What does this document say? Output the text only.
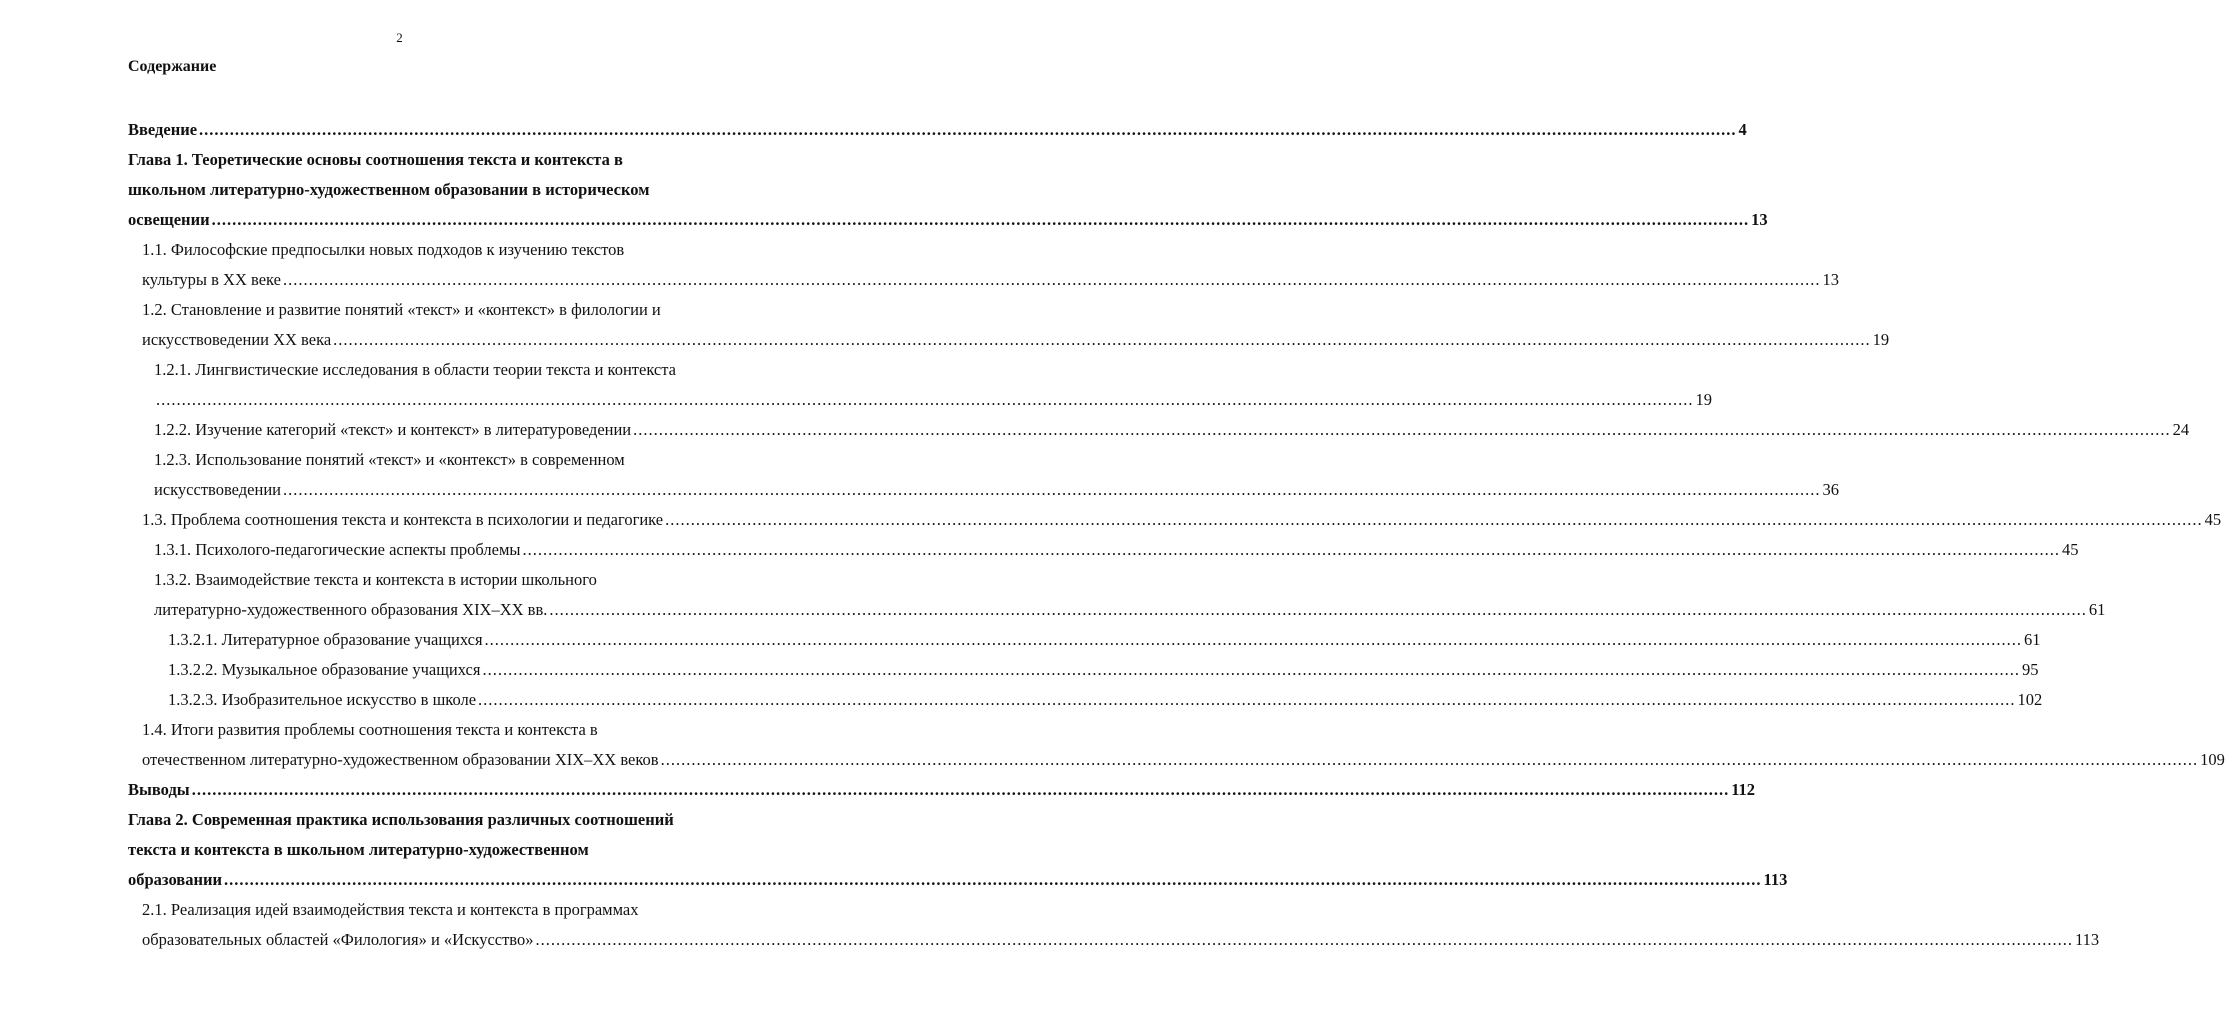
2
Содержание
Введение ............................................................................................................................................................................................................................................................................................................ 4
Глава 1. Теоретические основы соотношения текста и контекста в
школьном литературно-художественном образовании в историческом
освещении ............................................................................................................................................................................................................................................................................................................ 13
1.1. Философские предпосылки новых подходов к изучению текстов
культуры в XX веке ............................................................................................................................................................................................................................................................................................................ 13
1.2. Становление и развитие понятий «текст» и «контекст» в филологии и
искусствоведении XX века ............................................................................................................................................................................................................................................................................................................ 19
1.2.1. Лингвистические исследования в области теории текста и контекста
............................................................................................................................................................................................................................................................................................................ 19
1.2.2. Изучение категорий «текст» и контекст» в литературоведении ............................................................................................................................................................................................................................................................................................................ 24
1.2.3. Использование понятий «текст» и «контекст» в современном
искусствоведении ............................................................................................................................................................................................................................................................................................................ 36
1.3. Проблема соотношения текста и контекста в психологии и педагогике ............................................................................................................................................................................................................................................................................................................ 45
1.3.1. Психолого-педагогические аспекты проблемы ............................................................................................................................................................................................................................................................................................................ 45
1.3.2. Взаимодействие текста и контекста в истории школьного
литературно-художественного образования XIX–XX вв. ............................................................................................................................................................................................................................................................................................................ 61
1.3.2.1. Литературное образование учащихся ............................................................................................................................................................................................................................................................................................................ 61
1.3.2.2. Музыкальное образование учащихся ............................................................................................................................................................................................................................................................................................................ 95
1.3.2.3. Изобразительное искусство в школе ............................................................................................................................................................................................................................................................................................................ 102
1.4. Итоги развития проблемы соотношения текста и контекста в
отечественном литературно-художественном образовании XIX–XX веков ............................................................................................................................................................................................................................................................................................................ 109
Выводы ............................................................................................................................................................................................................................................................................................................ 112
Глава 2. Современная практика использования различных соотношений
текста и контекста в школьном литературно-художественном
образовании ............................................................................................................................................................................................................................................................................................................ 113
2.1. Реализация идей взаимодействия текста и контекста в программах
образовательных областей «Филология» и «Искусство» ............................................................................................................................................................................................................................................................................................................ 113
